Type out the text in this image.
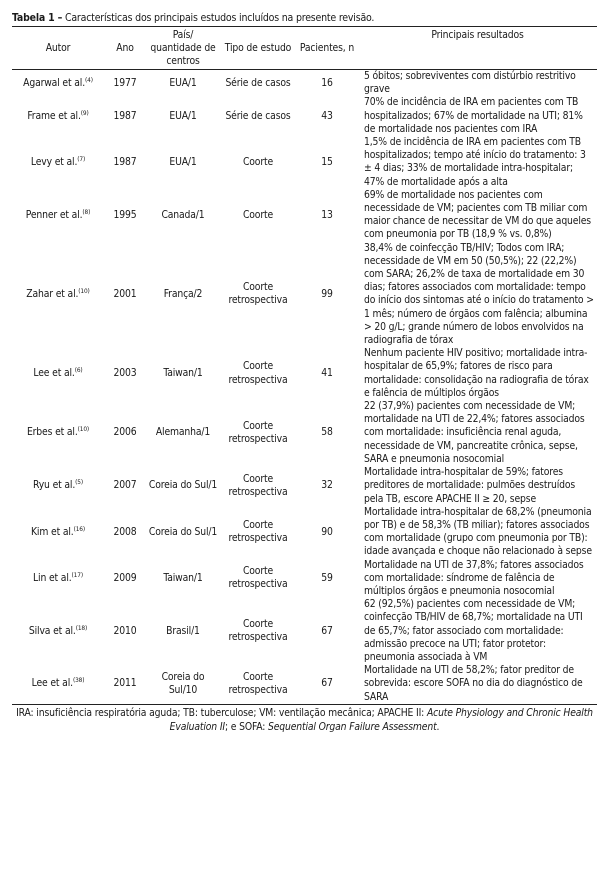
Tabela 1 – Características dos principais estudos incluídos na presente revisão.
Autor	Ano	País/ quantidade de centros	Tipo de estudo	Pacientes, n	Principais resultados
Agarwal et al.$^{(4)}$	1977	EUA/1	Série de casos	16	5 óbitos; sobreviventes com distúrbio restritivo grave
Frame et al.$^{(9)}$	1987	EUA/1	Série de casos	43	70% de incidência de IRA em pacientes com TB hospitalizados; 67% de mortalidade na UTI; 81% de mortalidade nos pacientes com IRA
Levy et al.$^{(7)}$	1987	EUA/1	Coorte	15	1,5% de incidência de IRA em pacientes com TB hospitalizados; tempo até início do tratamento: 3 ± 4 dias; 33% de mortalidade intra-hospitalar; 47% de mortalidade após a alta
Penner et al.$^{(8)}$	1995	Canada/1	Coorte	13	69% de mortalidade nos pacientes com necessidade de VM; pacientes com TB miliar com maior chance de necessitar de VM do que aqueles com pneumonia por TB (18,9 % vs. 0,8%)
Zahar et al.$^{(10)}$	2001	França/2	Coorte retrospectiva	99	38,4% de coinfecção TB/HIV; Todos com IRA; necessidade de VM em 50 (50,5%); 22 (22,2%) com SARA; 26,2% de taxa de mortalidade em 30 dias; fatores associados com mortalidade: tempo do início dos sintomas até o início do tratamento > 1 mês; número de órgãos com falência; albumina > 20 g/L; grande número de lobos envolvidos na radiografia de tórax
Lee et al.$^{(6)}$	2003	Taiwan/1	Coorte retrospectiva	41	Nenhum paciente HIV positivo; mortalidade intra-hospitalar de 65,9%; fatores de risco para mortalidade: consolidação na radiografia de tórax e falência de múltiplos órgãos
Erbes et al.$^{(10)}$	2006	Alemanha/1	Coorte retrospectiva	58	22 (37,9%) pacientes com necessidade de VM; mortalidade na UTI de 22,4%; fatores associados com mortalidade: insuficiência renal aguda, necessidade de VM, pancreatite crônica, sepse, SARA e pneumonia nosocomial
Ryu et al.$^{(5)}$	2007	Coreia do Sul/1	Coorte retrospectiva	32	Mortalidade intra-hospitalar de 59%; fatores preditores de mortalidade: pulmões destruídos pela TB, escore APACHE II ≥ 20, sepse
Kim et al.$^{(16)}$	2008	Coreia do Sul/1	Coorte retrospectiva	90	Mortalidade intra-hospitalar de 68,2% (pneumonia por TB) e de 58,3% (TB miliar); fatores associados com mortalidade (grupo com pneumonia por TB): idade avançada e choque não relacionado à sepse
Lin et al.$^{(17)}$	2009	Taiwan/1	Coorte retrospectiva	59	Mortalidade na UTI de 37,8%; fatores associados com mortalidade: síndrome de falência de múltiplos órgãos e pneumonia nosocomial
Silva et al.$^{(18)}$	2010	Brasil/1	Coorte retrospectiva	67	62 (92,5%) pacientes com necessidade de VM; coinfecção TB/HIV de 68,7%; mortalidade na UTI de 65,7%; fator associado com mortalidade: admissão precoce na UTI; fator protetor: pneumonia associada à VM
Lee et al.$^{(38)}$	2011	Coreia do Sul/10	Coorte retrospectiva	67	Mortalidade na UTI de 58,2%; fator preditor de sobrevida: escore SOFA no dia do diagnóstico de SARA
IRA: insuficiência respiratória aguda; TB: tuberculose; VM: ventilação mecânica; APACHE II: Acute Physiology and Chronic Health Evaluation II; e SOFA: Sequential Organ Failure Assessment.
